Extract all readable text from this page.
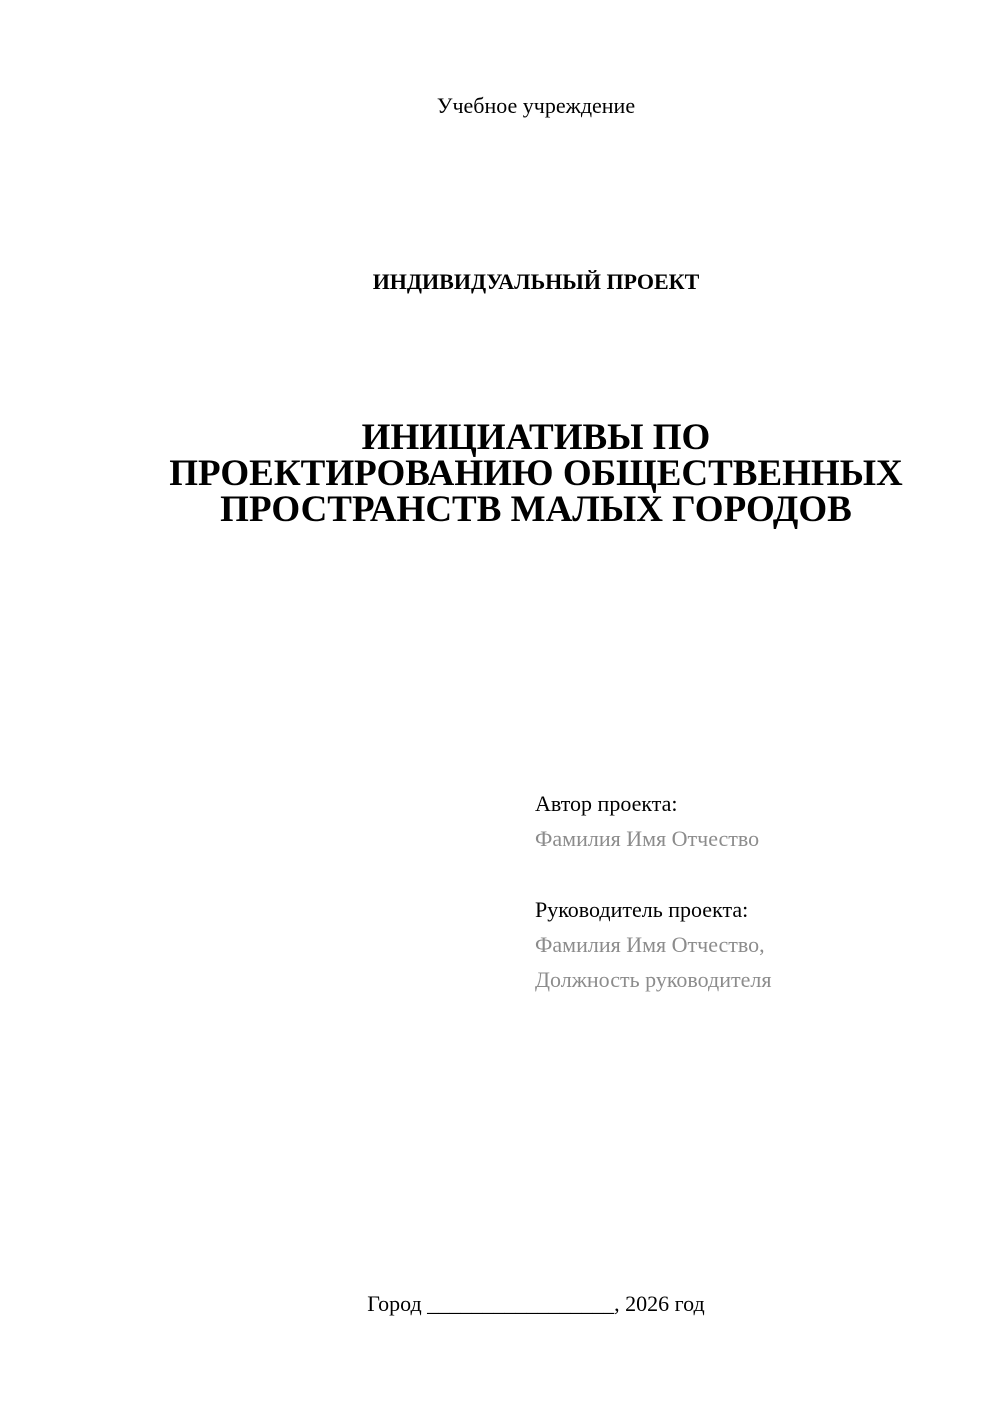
Учебное учреждение
ИНДИВИДУАЛЬНЫЙ ПРОЕКТ
ИНИЦИАТИВЫ ПО
ПРОЕКТИРОВАНИЮ ОБЩЕСТВЕННЫХ
ПРОСТРАНСТВ МАЛЫХ ГОРОДОВ
Автор проекта:
Фамилия Имя Отчество
Руководитель проекта:
Фамилия Имя Отчество,
Должность руководителя
Город _________________, 2026 год
